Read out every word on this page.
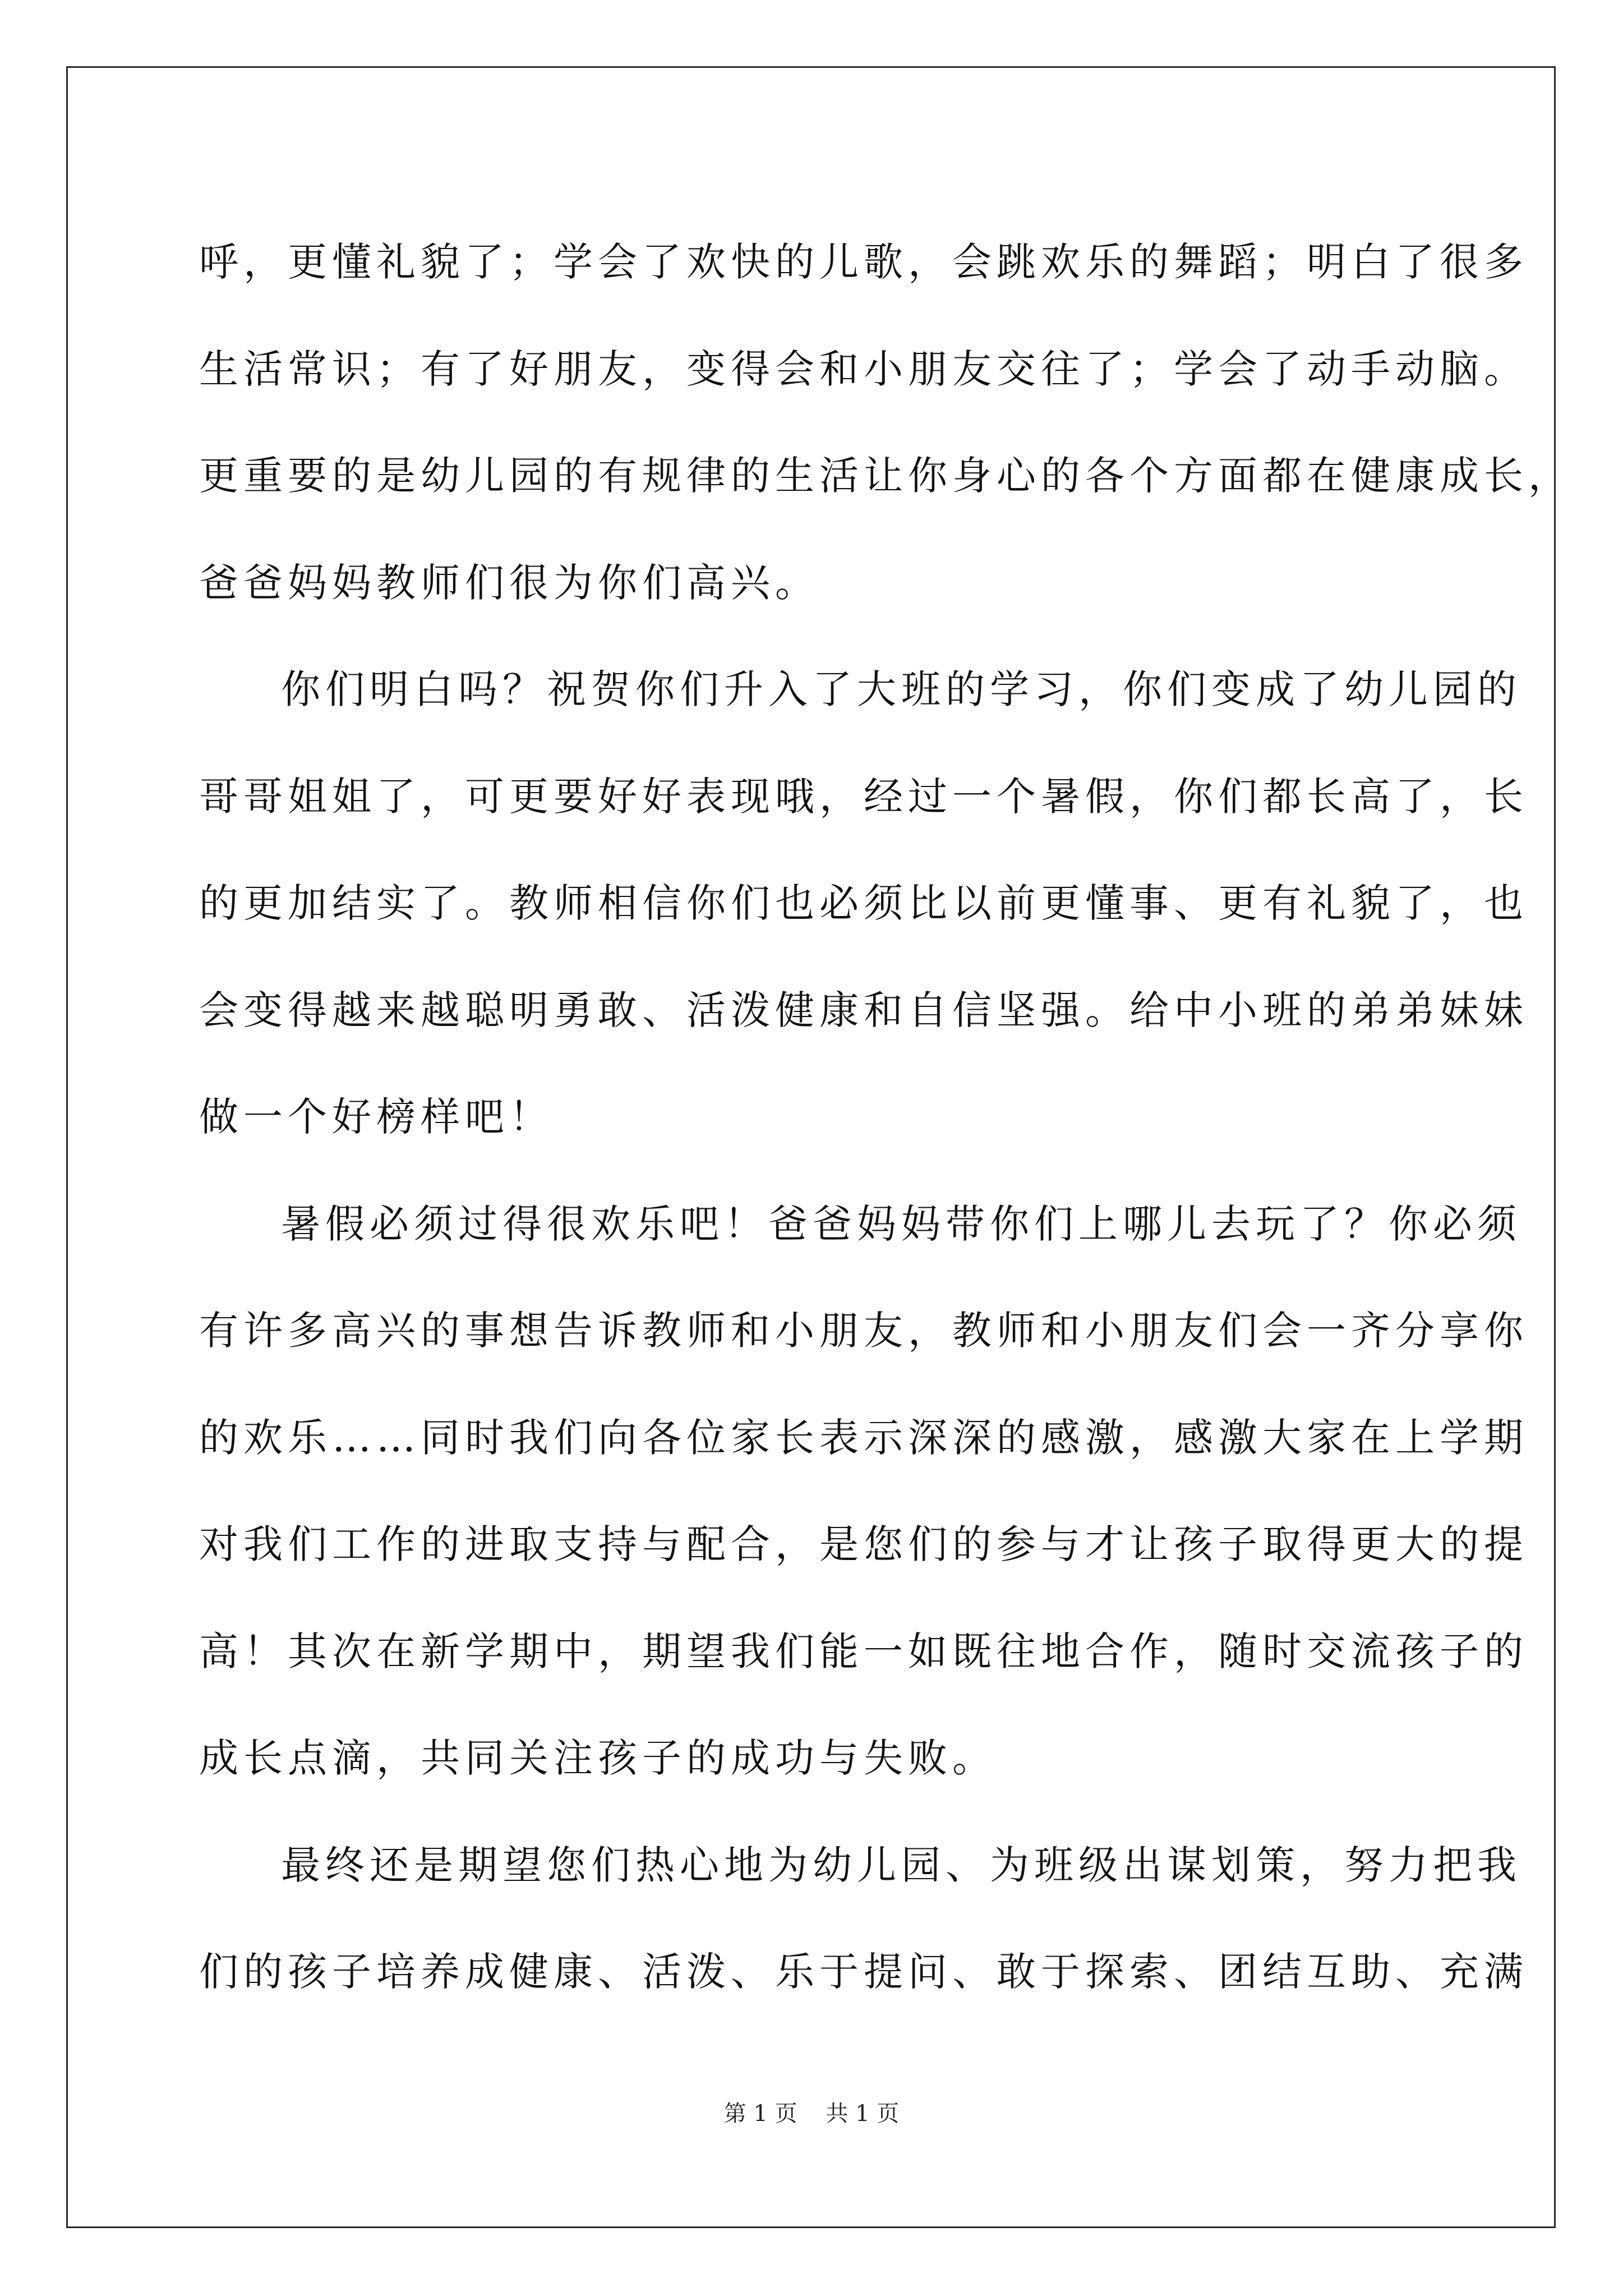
呼，更懂礼貌了；学会了欢快的儿歌，会跳欢乐的舞蹈；明白了很多
生活常识；有了好朋友，变得会和小朋友交往了；学会了动手动脑。
更重要的是幼儿园的有规律的生活让你身心的各个方面都在健康成长，
爸爸妈妈教师们很为你们高兴。
你们明白吗？祝贺你们升入了大班的学习，你们变成了幼儿园的
哥哥姐姐了，可更要好好表现哦，经过一个暑假，你们都长高了，长
的更加结实了。教师相信你们也必须比以前更懂事、更有礼貌了，也
会变得越来越聪明勇敢、活泼健康和自信坚强。给中小班的弟弟妹妹
做一个好榜样吧！
暑假必须过得很欢乐吧！爸爸妈妈带你们上哪儿去玩了？你必须
有许多高兴的事想告诉教师和小朋友，教师和小朋友们会一齐分享你
的欢乐……同时我们向各位家长表示深深的感激，感激大家在上学期
对我们工作的进取支持与配合，是您们的参与才让孩子取得更大的提
高！其次在新学期中，期望我们能一如既往地合作，随时交流孩子的
成长点滴，共同关注孩子的成功与失败。
最终还是期望您们热心地为幼儿园、为班级出谋划策，努力把我
们的孩子培养成健康、活泼、乐于提问、敢于探索、团结互助、充满
第 1 页    共 1 页
